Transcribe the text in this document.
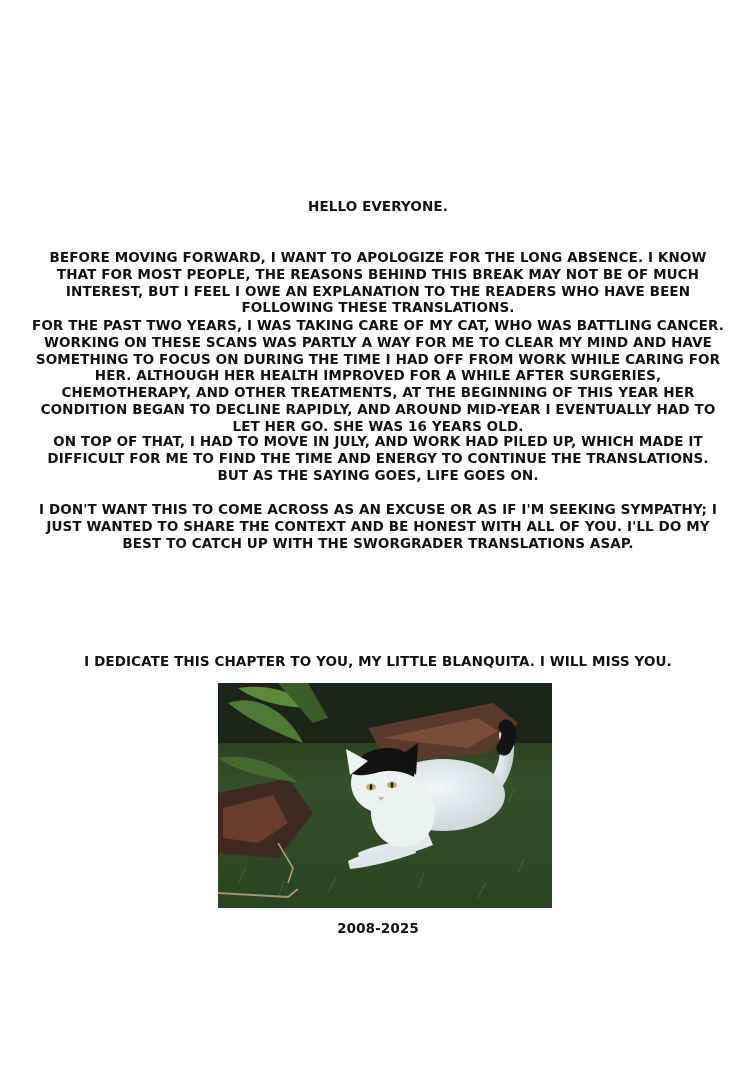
HELLO EVERYONE.

BEFORE MOVING FORWARD, I WANT TO APOLOGIZE FOR THE LONG ABSENCE. I KNOW THAT FOR MOST PEOPLE, THE REASONS BEHIND THIS BREAK MAY NOT BE OF MUCH INTEREST, BUT I FEEL I OWE AN EXPLANATION TO THE READERS WHO HAVE BEEN FOLLOWING THESE TRANSLATIONS.

FOR THE PAST TWO YEARS, I WAS TAKING CARE OF MY CAT, WHO WAS BATTLING CANCER. WORKING ON THESE SCANS WAS PARTLY A WAY FOR ME TO CLEAR MY MIND AND HAVE SOMETHING TO FOCUS ON DURING THE TIME I HAD OFF FROM WORK WHILE CARING FOR HER. ALTHOUGH HER HEALTH IMPROVED FOR A WHILE AFTER SURGERIES, CHEMOTHERAPY, AND OTHER TREATMENTS, AT THE BEGINNING OF THIS YEAR HER CONDITION BEGAN TO DECLINE RAPIDLY, AND AROUND MID-YEAR I EVENTUALLY HAD TO LET HER GO. SHE WAS 16 YEARS OLD.

ON TOP OF THAT, I HAD TO MOVE IN JULY, AND WORK HAD PILED UP, WHICH MADE IT DIFFICULT FOR ME TO FIND THE TIME AND ENERGY TO CONTINUE THE TRANSLATIONS. BUT AS THE SAYING GOES, LIFE GOES ON.

I DON'T WANT THIS TO COME ACROSS AS AN EXCUSE OR AS IF I'M SEEKING SYMPATHY; I JUST WANTED TO SHARE THE CONTEXT AND BE HONEST WITH ALL OF YOU. I'LL DO MY BEST TO CATCH UP WITH THE SWORGRADER TRANSLATIONS ASAP.

I DEDICATE THIS CHAPTER TO YOU, MY LITTLE BLANQUITA. I WILL MISS YOU.
2008-2025
